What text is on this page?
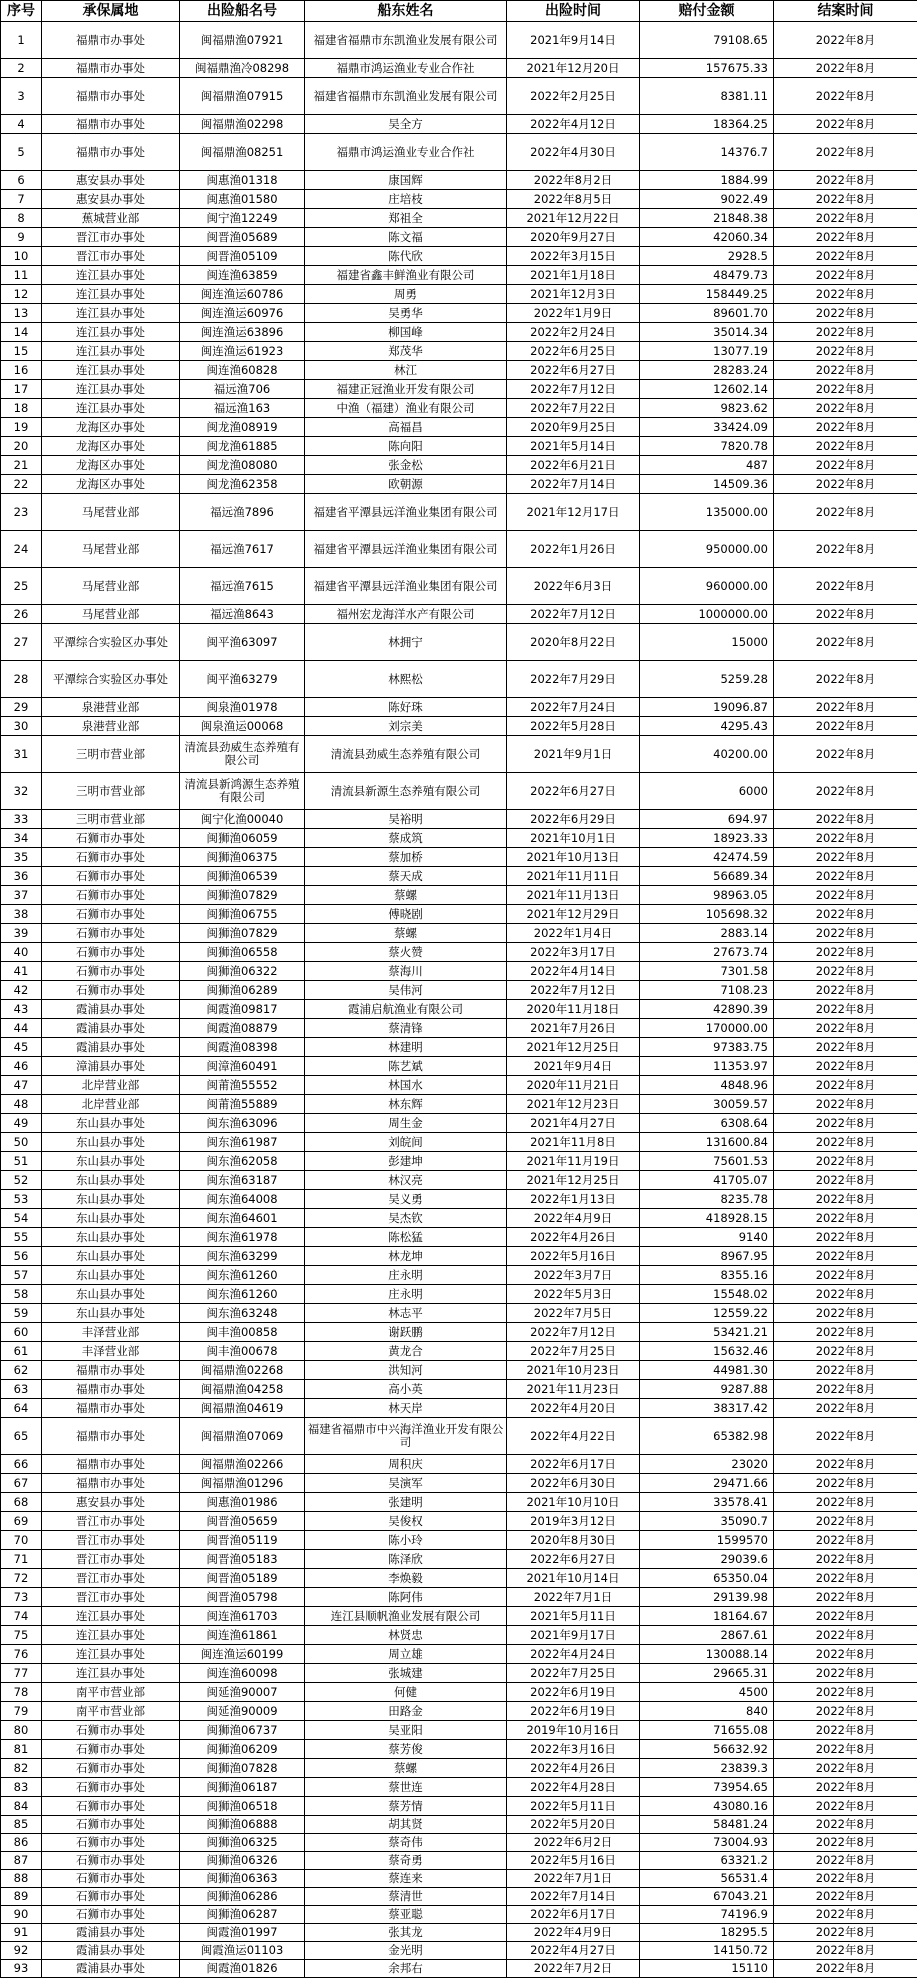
序号	承保属地	出险船名号	船东姓名	出险时间	赔付金额	结案时间
1	福鼎市办事处	闽福鼎渔07921	福建省福鼎市东凯渔业发展有限公司	2021年9月14日	79108.65	2022年8月
2	福鼎市办事处	闽福鼎渔冷08298	福鼎市鸿运渔业专业合作社	2021年12月20日	157675.33	2022年8月
3	福鼎市办事处	闽福鼎渔07915	福建省福鼎市东凯渔业发展有限公司	2022年2月25日	8381.11	2022年8月
4	福鼎市办事处	闽福鼎渔02298	吴全方	2022年4月12日	18364.25	2022年8月
5	福鼎市办事处	闽福鼎渔08251	福鼎市鸿运渔业专业合作社	2022年4月30日	14376.7	2022年8月
6	惠安县办事处	闽惠渔01318	康国辉	2022年8月2日	1884.99	2022年8月
7	惠安县办事处	闽惠渔01580	庄培枝	2022年8月5日	9022.49	2022年8月
8	蕉城营业部	闽宁渔12249	郑祖全	2021年12月22日	21848.38	2022年8月
9	晋江市办事处	闽晋渔05689	陈文福	2020年9月27日	42060.34	2022年8月
10	晋江市办事处	闽晋渔05109	陈代欣	2022年3月15日	2928.5	2022年8月
11	连江县办事处	闽连渔63859	福建省鑫丰鲜渔业有限公司	2021年1月18日	48479.73	2022年8月
12	连江县办事处	闽连渔运60786	周勇	2021年12月3日	158449.25	2022年8月
13	连江县办事处	闽连渔运60976	吴勇华	2022年1月9日	89601.70	2022年8月
14	连江县办事处	闽连渔运63896	柳国峰	2022年2月24日	35014.34	2022年8月
15	连江县办事处	闽连渔运61923	郑茂华	2022年6月25日	13077.19	2022年8月
16	连江县办事处	闽连渔60828	林江	2022年6月27日	28283.24	2022年8月
17	连江县办事处	福远渔706	福建正冠渔业开发有限公司	2022年7月12日	12602.14	2022年8月
18	连江县办事处	福远渔163	中渔（福建）渔业有限公司	2022年7月22日	9823.62	2022年8月
19	龙海区办事处	闽龙渔08919	高福昌	2020年9月25日	33424.09	2022年8月
20	龙海区办事处	闽龙渔61885	陈向阳	2021年5月14日	7820.78	2022年8月
21	龙海区办事处	闽龙渔08080	张金松	2022年6月21日	487	2022年8月
22	龙海区办事处	闽龙渔62358	欧朝源	2022年7月14日	14509.36	2022年8月
23	马尾营业部	福远渔7896	福建省平潭县远洋渔业集团有限公司	2021年12月17日	135000.00	2022年8月
24	马尾营业部	福远渔7617	福建省平潭县远洋渔业集团有限公司	2022年1月26日	950000.00	2022年8月
25	马尾营业部	福远渔7615	福建省平潭县远洋渔业集团有限公司	2022年6月3日	960000.00	2022年8月
26	马尾营业部	福远渔8643	福州宏龙海洋水产有限公司	2022年7月12日	1000000.00	2022年8月
27	平潭综合实验区办事处	闽平渔63097	林拥宁	2020年8月22日	15000	2022年8月
28	平潭综合实验区办事处	闽平渔63279	林熙松	2022年7月29日	5259.28	2022年8月
29	泉港营业部	闽泉渔01978	陈好珠	2022年7月24日	19096.87	2022年8月
30	泉港营业部	闽泉渔运00068	刘宗美	2022年5月28日	4295.43	2022年8月
31	三明市营业部	清流县劲威生态养殖有限公司	清流县劲威生态养殖有限公司	2021年9月1日	40200.00	2022年8月
32	三明市营业部	清流县新鸿源生态养殖有限公司	清流县新源生态养殖有限公司	2022年6月27日	6000	2022年8月
33	三明市营业部	闽宁化渔00040	吴裕明	2022年6月29日	694.97	2022年8月
34	石狮市办事处	闽狮渔06059	蔡成筑	2021年10月1日	18923.33	2022年8月
35	石狮市办事处	闽狮渔06375	蔡加桥	2021年10月13日	42474.59	2022年8月
36	石狮市办事处	闽狮渔06539	蔡天成	2021年11月11日	56689.34	2022年8月
37	石狮市办事处	闽狮渔07829	蔡螺	2021年11月13日	98963.05	2022年8月
38	石狮市办事处	闽狮渔06755	傅晓剧	2021年12月29日	105698.32	2022年8月
39	石狮市办事处	闽狮渔07829	蔡螺	2022年1月4日	2883.14	2022年8月
40	石狮市办事处	闽狮渔06558	蔡火赞	2022年3月17日	27673.74	2022年8月
41	石狮市办事处	闽狮渔06322	蔡海川	2022年4月14日	7301.58	2022年8月
42	石狮市办事处	闽狮渔06289	吴伟河	2022年7月12日	7108.23	2022年8月
43	霞浦县办事处	闽霞渔09817	霞浦启航渔业有限公司	2020年11月18日	42890.39	2022年8月
44	霞浦县办事处	闽霞渔08879	蔡清锋	2021年7月26日	170000.00	2022年8月
45	霞浦县办事处	闽霞渔08398	林建明	2021年12月25日	97383.75	2022年8月
46	漳浦县办事处	闽漳渔60491	陈艺斌	2021年9月4日	11353.97	2022年8月
47	北岸营业部	闽莆渔55552	林国水	2020年11月21日	4848.96	2022年8月
48	北岸营业部	闽莆渔55889	林东辉	2021年12月23日	30059.57	2022年8月
49	东山县办事处	闽东渔63096	周生金	2021年4月27日	6308.64	2022年8月
50	东山县办事处	闽东渔61987	刘皖间	2021年11月8日	131600.84	2022年8月
51	东山县办事处	闽东渔62058	彭建坤	2021年11月19日	75601.53	2022年8月
52	东山县办事处	闽东渔63187	林汉亮	2021年12月25日	41705.07	2022年8月
53	东山县办事处	闽东渔64008	吴义勇	2022年1月13日	8235.78	2022年8月
54	东山县办事处	闽东渔64601	吴杰钦	2022年4月9日	418928.15	2022年8月
55	东山县办事处	闽东渔61978	陈松猛	2022年4月26日	9140	2022年8月
56	东山县办事处	闽东渔63299	林龙坤	2022年5月16日	8967.95	2022年8月
57	东山县办事处	闽东渔61260	庄永明	2022年3月7日	8355.16	2022年8月
58	东山县办事处	闽东渔61260	庄永明	2022年5月3日	15548.02	2022年8月
59	东山县办事处	闽东渔63248	林志平	2022年7月5日	12559.22	2022年8月
60	丰泽营业部	闽丰渔00858	谢跃鹏	2022年7月12日	53421.21	2022年8月
61	丰泽营业部	闽丰渔00678	黄龙合	2022年7月25日	15632.46	2022年8月
62	福鼎市办事处	闽福鼎渔02268	洪知河	2021年10月23日	44981.30	2022年8月
63	福鼎市办事处	闽福鼎渔04258	高小英	2021年11月23日	9287.88	2022年8月
64	福鼎市办事处	闽福鼎渔04619	林天岸	2022年4月20日	38317.42	2022年8月
65	福鼎市办事处	闽福鼎渔07069	福建省福鼎市中兴海洋渔业开发有限公司	2022年4月22日	65382.98	2022年8月
66	福鼎市办事处	闽福鼎渔02266	周积庆	2022年6月17日	23020	2022年8月
67	福鼎市办事处	闽福鼎渔01296	吴演军	2022年6月30日	29471.66	2022年8月
68	惠安县办事处	闽惠渔01986	张建明	2021年10月10日	33578.41	2022年8月
69	晋江市办事处	闽晋渔05659	吴俊权	2019年3月12日	35090.7	2022年8月
70	晋江市办事处	闽晋渔05119	陈小玲	2020年8月30日	1599570	2022年8月
71	晋江市办事处	闽晋渔05183	陈泽欣	2022年6月27日	29039.6	2022年8月
72	晋江市办事处	闽晋渔05189	李焕毅	2021年10月14日	65350.04	2022年8月
73	晋江市办事处	闽晋渔05798	陈阿伟	2022年7月1日	29139.98	2022年8月
74	连江县办事处	闽连渔61703	连江县顺帆渔业发展有限公司	2021年5月11日	18164.67	2022年8月
75	连江县办事处	闽连渔61861	林贤忠	2021年9月17日	2867.61	2022年8月
76	连江县办事处	闽连渔运60199	周立雄	2022年4月24日	130088.14	2022年8月
77	连江县办事处	闽连渔60098	张城建	2022年7月25日	29665.31	2022年8月
78	南平市营业部	闽延渔90007	何健	2022年6月19日	4500	2022年8月
79	南平市营业部	闽延渔90009	田路金	2022年6月19日	840	2022年8月
80	石狮市办事处	闽狮渔06737	吴亚阳	2019年10月16日	71655.08	2022年8月
81	石狮市办事处	闽狮渔06209	蔡芳俊	2022年3月16日	56632.92	2022年8月
82	石狮市办事处	闽狮渔07828	蔡螺	2022年4月26日	23839.3	2022年8月
83	石狮市办事处	闽狮渔06187	蔡世连	2022年4月28日	73954.65	2022年8月
84	石狮市办事处	闽狮渔06518	蔡芳情	2022年5月11日	43080.16	2022年8月
85	石狮市办事处	闽狮渔06888	胡其贤	2022年5月20日	58481.24	2022年8月
86	石狮市办事处	闽狮渔06325	蔡奇伟	2022年6月2日	73004.93	2022年8月
87	石狮市办事处	闽狮渔06326	蔡奇勇	2022年5月16日	63321.2	2022年8月
88	石狮市办事处	闽狮渔06363	蔡连来	2022年7月1日	56531.4	2022年8月
89	石狮市办事处	闽狮渔06286	蔡清世	2022年7月14日	67043.21	2022年8月
90	石狮市办事处	闽狮渔06287	蔡亚聪	2022年6月17日	74196.9	2022年8月
91	霞浦县办事处	闽霞渔01997	张其龙	2022年4月9日	18295.5	2022年8月
92	霞浦县办事处	闽霞渔运01103	金光明	2022年4月27日	14150.72	2022年8月
93	霞浦县办事处	闽霞渔01826	余邦右	2022年7月2日	15110	2022年8月
